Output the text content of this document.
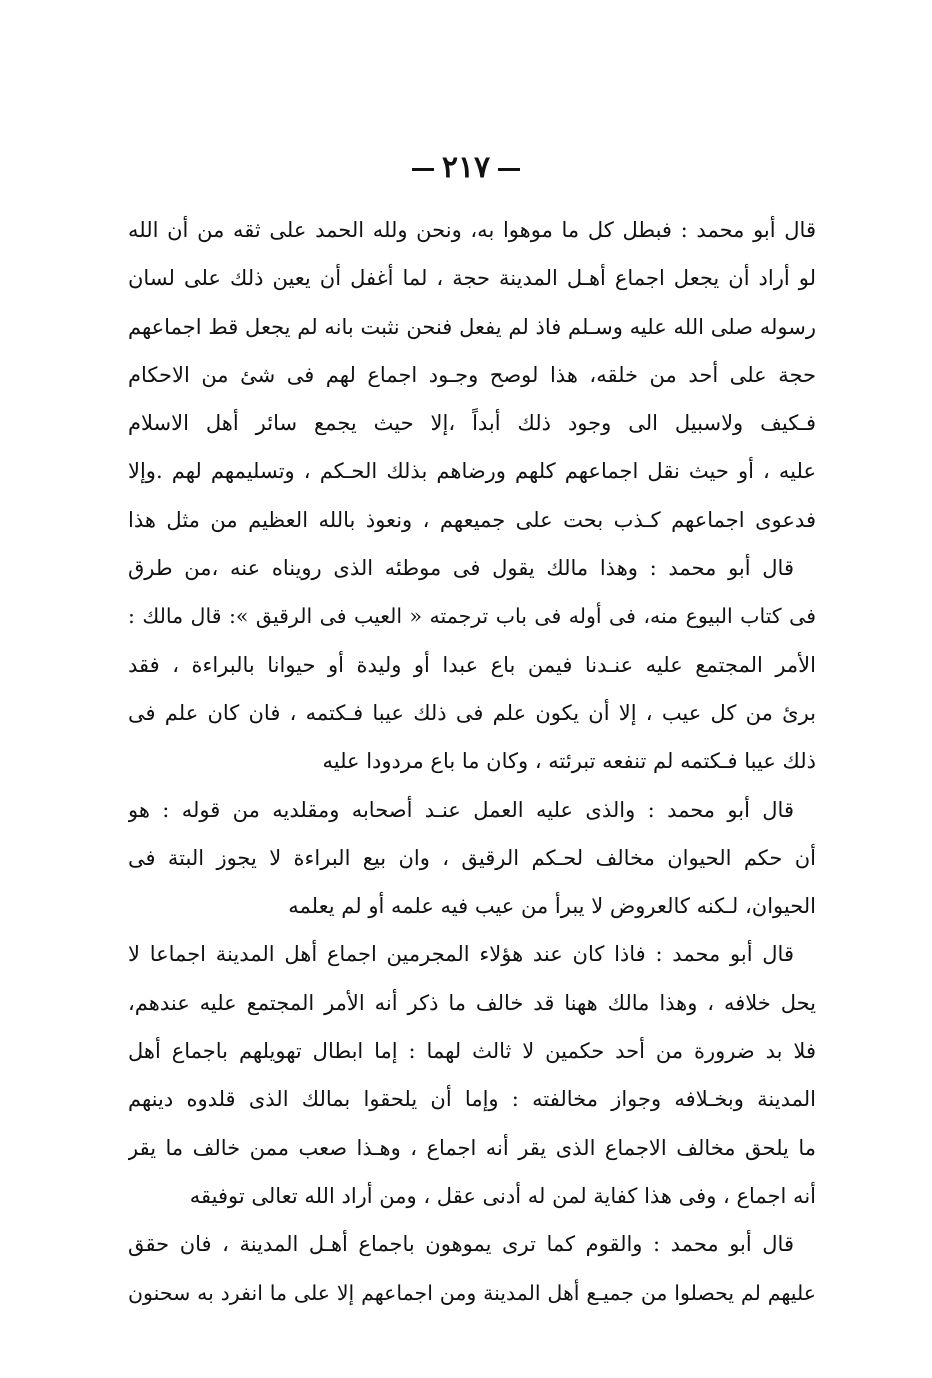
٢١٧
قال أبو محمد : فبطل كل ما موهوا به، ونحن ولله الحمد على ثقه من أن الله
لو أراد أن يجعل اجماع أهـل المدينة حجة ، لما أغفل أن يعين ذلك على لسان
رسوله صلى الله عليه وسـلم فاذ لم يفعل فنحن نثبت بانه لم يجعل قط اجماعهم
حجة على أحد من خلقه، هذا لوصح وجـود اجماع لهم فى شئ من الاحكام
فـكيف ولاسبيل الى وجود ذلك أبداً ،إلا حيث يجمع سائر أهل الاسلام
عليه ، أو حيث نقل اجماعهم كلهم ورضاهم بذلك الحـكم ، وتسليمهم لهم .وإلا
فدعوى اجماعهم كـذب بحت على جميعهم ، ونعوذ بالله العظيم من مثل هذا
قال أبو محمد : وهذا مالك يقول فى موطئه الذى رويناه عنه ،من طرق
فى كتاب البيوع منه، فى أوله فى باب ترجمته « العيب فى الرقيق »: قال مالك :
الأمر المجتمع عليه عنـدنا فيمن باع عبدا أو وليدة أو حيوانا بالبراءة ، فقد
برئ من كل عيب ، إلا أن يكون علم فى ذلك عيبا فـكتمه ، فان كان علم فى
ذلك عيبا فـكتمه لم تنفعه تبرئته ، وكان ما باع مردودا عليه
قال أبو محمد : والذى عليه العمل عنـد أصحابه ومقلديه من قوله : هو
أن حكم الحيوان مخالف لحـكم الرقيق ، وان بيع البراءة لا يجوز البتة فى
الحيوان، لـكنه كالعروض لا يبرأ من عيب فيه علمه أو لم يعلمه
قال أبو محمد : فاذا كان عند هؤلاء المجرمين اجماع أهل المدينة اجماعا لا
يحل خلافه ، وهذا مالك ههنا قد خالف ما ذكر أنه الأمر المجتمع عليه عندهم،
فلا بد ضرورة من أحد حكمين لا ثالث لهما : إما ابطال تهويلهم باجماع أهل
المدينة وبخـلافه وجواز مخالفته : وإما أن يلحقوا بمالك الذى قلدوه دينهم
ما يلحق مخالف الاجماع الذى يقر أنه اجماع ، وهـذا صعب ممن خالف ما يقر
أنه اجماع ، وفى هذا كفاية لمن له أدنى عقل ، ومن أراد الله تعالى توفيقه
قال أبو محمد : والقوم كما ترى يموهون باجماع أهـل المدينة ، فان حقق
عليهم لم يحصلوا من جميـع أهل المدينة ومن اجماعهم إلا على ما انفرد به سحنون
